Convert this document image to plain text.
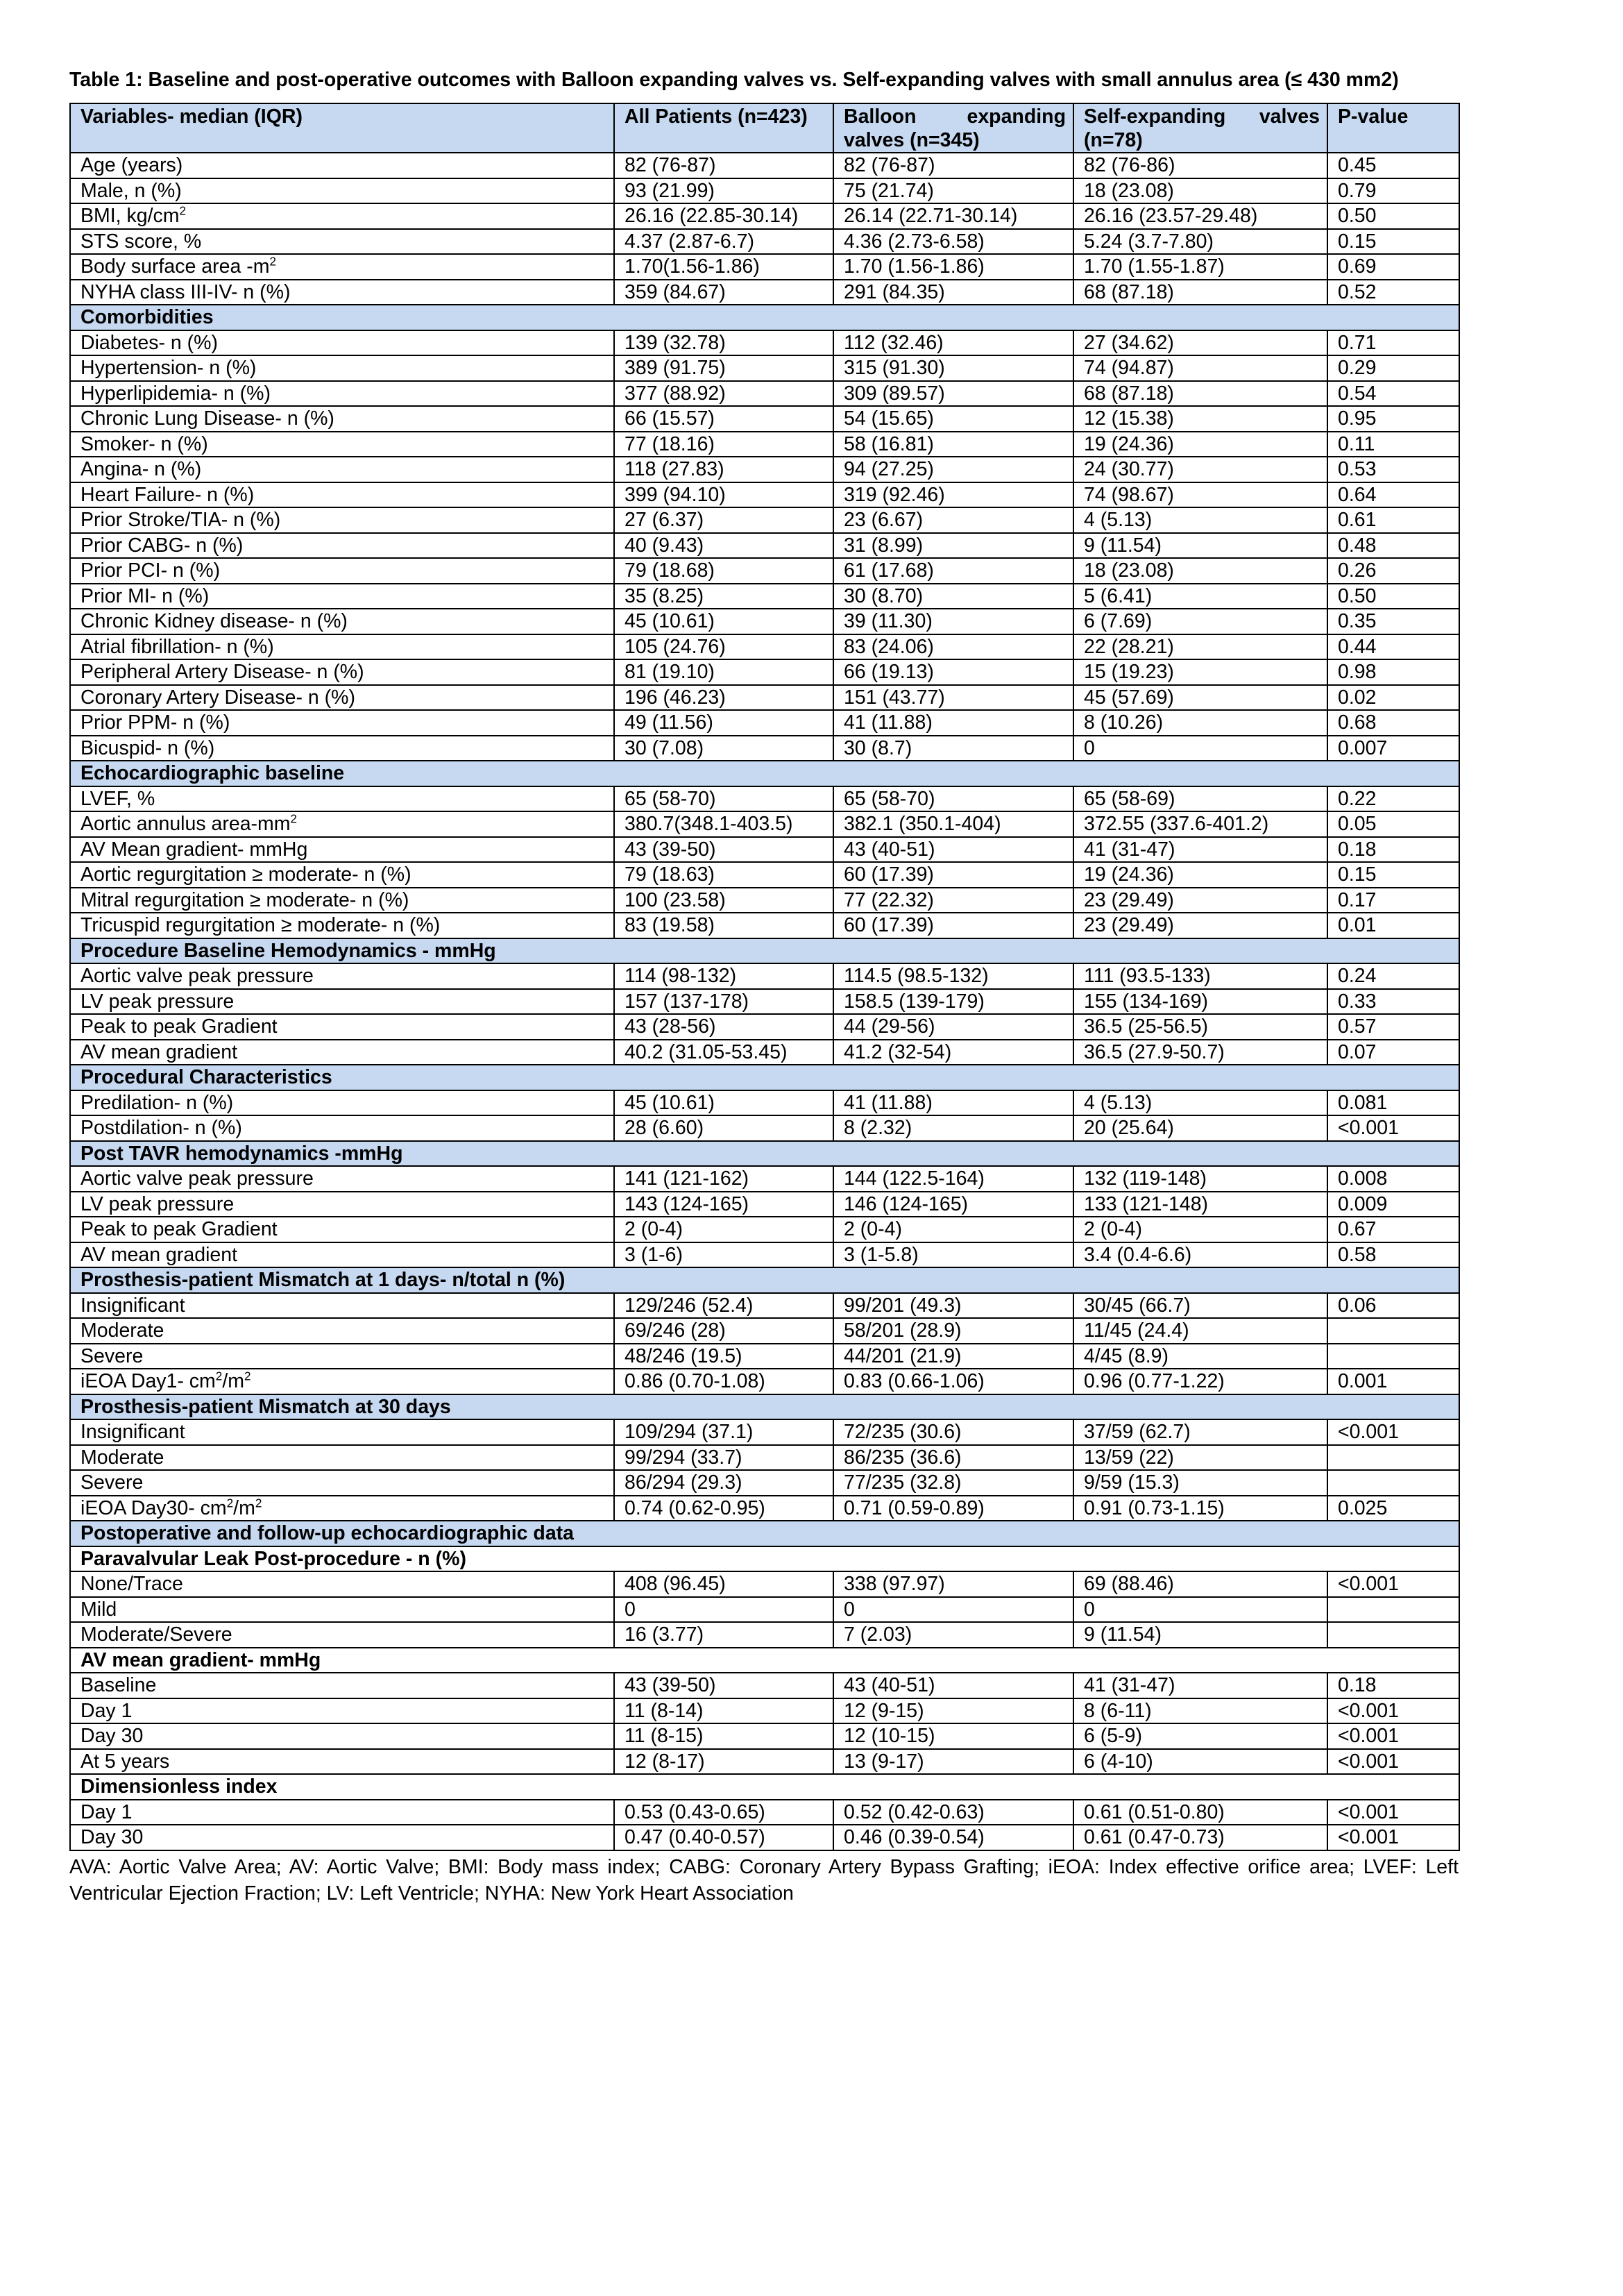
Table 1: Baseline and post-operative outcomes with Balloon expanding valves vs. Self-expanding valves with small annulus area (≤ 430 mm2)
Variables- median (IQR)	All Patients (n=423)	Balloon expanding valves (n=345)	Self-expanding valves (n=78)	P-value
Age (years)	82 (76-87)	82 (76-87)	82 (76-86)	0.45
Male, n (%)	93 (21.99)	75 (21.74)	18 (23.08)	0.79
BMI, $kg/cm^2$	26.16 (22.85-30.14)	26.14 (22.71-30.14)	26.16 (23.57-29.48)	0.50
STS score, %	4.37 (2.87-6.7)	4.36 (2.73-6.58)	5.24 (3.7-7.80)	0.15
Body surface area $-m^2$	1.70(1.56-1.86)	1.70 (1.56-1.86)	1.70 (1.55-1.87)	0.69
NYHA class III-IV- n (%)	359 (84.67)	291 (84.35)	68 (87.18)	0.52
Comorbidities				
Diabetes- n (%)	139 (32.78)	112 (32.46)	27 (34.62)	0.71
Hypertension- n (%)	389 (91.75)	315 (91.30)	74 (94.87)	0.29
Hyperlipidemia- n (%)	377 (88.92)	309 (89.57)	68 (87.18)	0.54
Chronic Lung Disease- n (%)	66 (15.57)	54 (15.65)	12 (15.38)	0.95
Smoker- n (%)	77 (18.16)	58 (16.81)	19 (24.36)	0.11
Angina- n (%)	118 (27.83)	94 (27.25)	24 (30.77)	0.53
Heart Failure- n (%)	399 (94.10)	319 (92.46)	74 (98.67)	0.64
Prior Stroke/TIA- n (%)	27 (6.37)	23 (6.67)	4 (5.13)	0.61
Prior CABG- n (%)	40 (9.43)	31 (8.99)	9 (11.54)	0.48
Prior PCI- n (%)	79 (18.68)	61 (17.68)	18 (23.08)	0.26
Prior MI- n (%)	35 (8.25)	30 (8.70)	5 (6.41)	0.50
Chronic Kidney disease- n (%)	45 (10.61)	39 (11.30)	6 (7.69)	0.35
Atrial fibrillation- n (%)	105 (24.76)	83 (24.06)	22 (28.21)	0.44
Peripheral Artery Disease- n (%)	81 (19.10)	66 (19.13)	15 (19.23)	0.98
Coronary Artery Disease- n (%)	196 (46.23)	151 (43.77)	45 (57.69)	0.02
Prior PPM- n (%)	49 (11.56)	41 (11.88)	8 (10.26)	0.68
Bicuspid- n (%)	30 (7.08)	30 (8.7)	0	0.007
Echocardiographic baseline				
LVEF, %	65 (58-70)	65 (58-70)	65 (58-69)	0.22
Aortic annulus area-$mm^2$	380.7(348.1-403.5)	382.1 (350.1-404)	372.55 (337.6-401.2)	0.05
AV Mean gradient- mmHg	43 (39-50)	43 (40-51)	41 (31-47)	0.18
Aortic regurgitation ≥ moderate- n (%)	79 (18.63)	60 (17.39)	19 (24.36)	0.15
Mitral regurgitation ≥ moderate- n (%)	100 (23.58)	77 (22.32)	23 (29.49)	0.17
Tricuspid regurgitation ≥ moderate- n (%)	83 (19.58)	60 (17.39)	23 (29.49)	0.01
Procedure Baseline Hemodynamics - mmHg				
Aortic valve peak pressure	114 (98-132)	114.5 (98.5-132)	111 (93.5-133)	0.24
LV peak pressure	157 (137-178)	158.5 (139-179)	155 (134-169)	0.33
Peak to peak Gradient	43 (28-56)	44 (29-56)	36.5 (25-56.5)	0.57
AV mean gradient	40.2 (31.05-53.45)	41.2 (32-54)	36.5 (27.9-50.7)	0.07
Procedural Characteristics				
Predilation- n (%)	45 (10.61)	41 (11.88)	4 (5.13)	0.081
Postdilation- n (%)	28 (6.60)	8 (2.32)	20 (25.64)	<0.001
Post TAVR hemodynamics -mmHg				
Aortic valve peak pressure	141 (121-162)	144 (122.5-164)	132 (119-148)	0.008
LV peak pressure	143 (124-165)	146 (124-165)	133 (121-148)	0.009
Peak to peak Gradient	2 (0-4)	2 (0-4)	2 (0-4)	0.67
AV mean gradient	3 (1-6)	3 (1-5.8)	3.4 (0.4-6.6)	0.58
Prosthesis-patient Mismatch at 1 days- n/total n (%)				
Insignificant	129/246 (52.4)	99/201 (49.3)	30/45 (66.7)	0.06
Moderate	69/246 (28)	58/201 (28.9)	11/45 (24.4)	
Severe	48/246 (19.5)	44/201 (21.9)	4/45 (8.9)	
iEOA Day1- $cm^2/m^2$	0.86 (0.70-1.08)	0.83 (0.66-1.06)	0.96 (0.77-1.22)	0.001
Prosthesis-patient Mismatch at 30 days				
Insignificant	109/294 (37.1)	72/235 (30.6)	37/59 (62.7)	<0.001
Moderate	99/294 (33.7)	86/235 (36.6)	13/59 (22)	
Severe	86/294 (29.3)	77/235 (32.8)	9/59 (15.3)	
iEOA Day30- $cm^2/m^2$	0.74 (0.62-0.95)	0.71 (0.59-0.89)	0.91 (0.73-1.15)	0.025
Postoperative and follow-up echocardiographic data				
Paravalvular Leak Post-procedure - n (%)				
None/Trace	408 (96.45)	338 (97.97)	69 (88.46)	<0.001
Mild	0	0	0	
Moderate/Severe	16 (3.77)	7 (2.03)	9 (11.54)	
AV mean gradient- mmHg				
Baseline	43 (39-50)	43 (40-51)	41 (31-47)	0.18
Day 1	11 (8-14)	12 (9-15)	8 (6-11)	<0.001
Day 30	11 (8-15)	12 (10-15)	6 (5-9)	<0.001
At 5 years	12 (8-17)	13 (9-17)	6 (4-10)	<0.001
Dimensionless index				
Day 1	0.53 (0.43-0.65)	0.52 (0.42-0.63)	0.61 (0.51-0.80)	<0.001
Day 30	0.47 (0.40-0.57)	0.46 (0.39-0.54)	0.61 (0.47-0.73)	<0.001
AVA: Aortic Valve Area; AV: Aortic Valve; BMI: Body mass index; CABG: Coronary Artery Bypass Grafting; iEOA: Index effective orifice area; LVEF: Left Ventricular Ejection Fraction; LV: Left Ventricle; NYHA: New York Heart Association
